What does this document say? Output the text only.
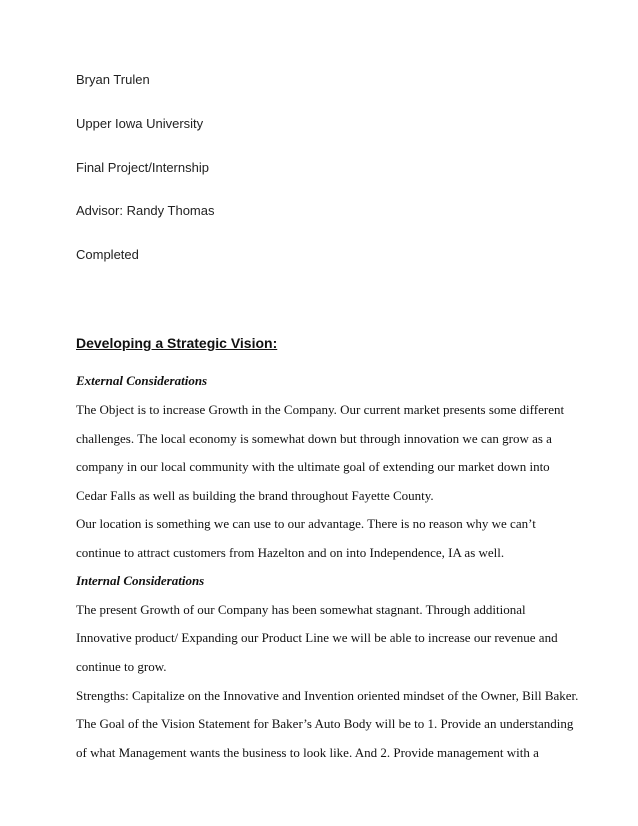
Bryan Trulen
Upper Iowa University
Final Project/Internship
Advisor: Randy Thomas
Completed
Developing a Strategic Vision:
External Considerations
The Object is to increase Growth in the Company. Our current market presents some different
challenges. The local economy is somewhat down but through innovation we can grow as a
company in our local community with the ultimate goal of extending our market down into
Cedar Falls as well as building the brand throughout Fayette County.
Our location is something we can use to our advantage. There is no reason why we can’t
continue to attract customers from Hazelton and on into Independence, IA as well.
Internal Considerations
The present Growth of our Company has been somewhat stagnant. Through additional
Innovative product/ Expanding our Product Line we will be able to increase our revenue and
continue to grow.
Strengths: Capitalize on the Innovative and Invention oriented mindset of the Owner, Bill Baker.
The Goal of the Vision Statement for Baker’s Auto Body will be to 1. Provide an understanding
of what Management wants the business to look like. And 2. Provide management with a
